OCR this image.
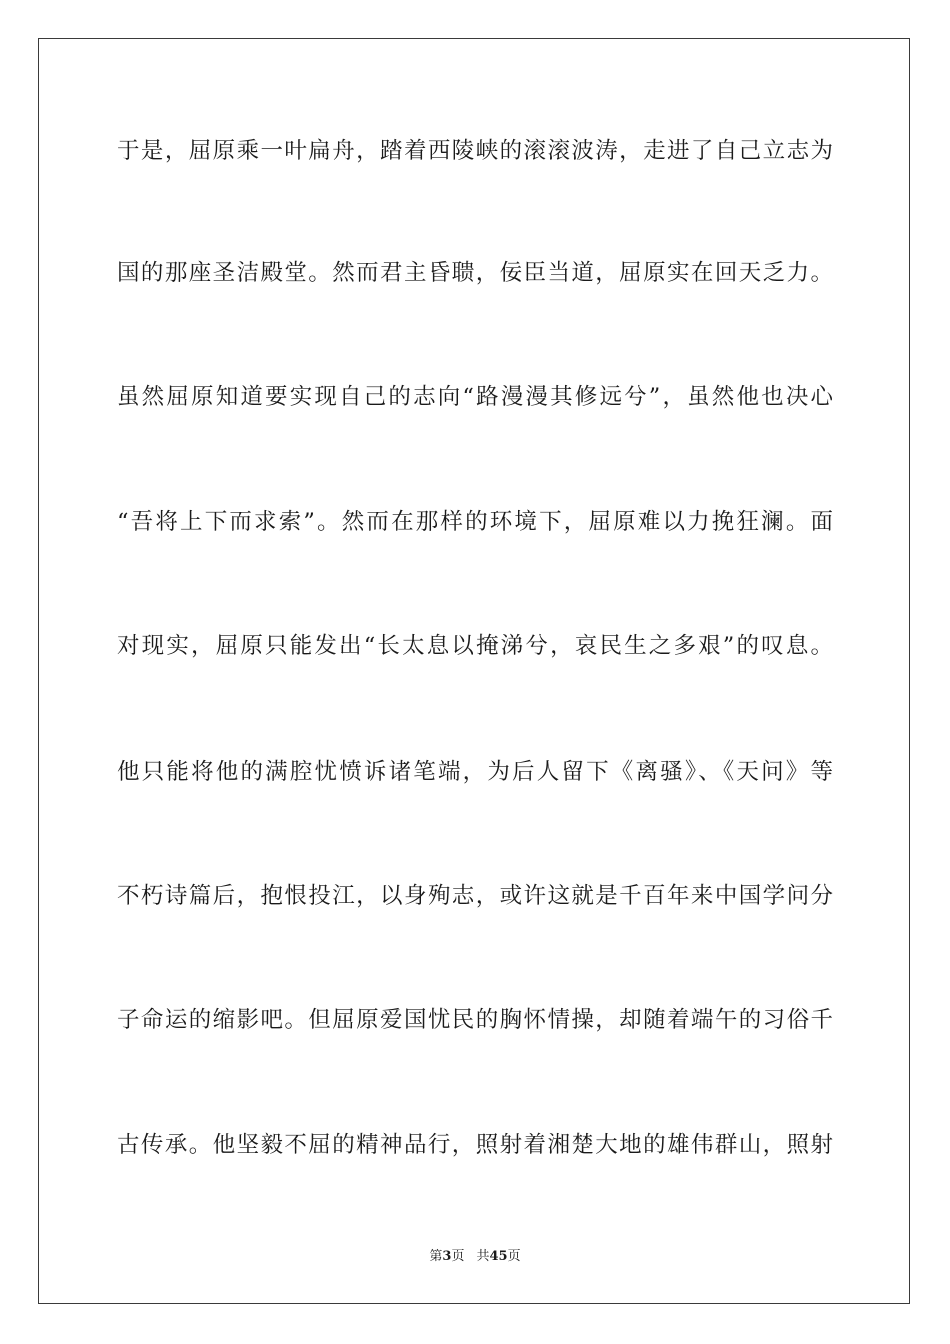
于是，屈原乘一叶扁舟，踏着西陵峡的滚滚波涛，走进了自己立志为
国的那座圣洁殿堂。然而君主昏聩，佞臣当道，屈原实在回天乏力。
虽然屈原知道要实现自己的志向“路漫漫其修远兮”，虽然他也决心
“吾将上下而求索”。然而在那样的环境下，屈原难以力挽狂澜。面
对现实，屈原只能发出“长太息以掩涕兮，哀民生之多艰”的叹息。
他只能将他的满腔忧愤诉诸笔端，为后人留下《离骚》、《天问》等
不朽诗篇后，抱恨投江，以身殉志，或许这就是千百年来中国学问分
子命运的缩影吧。但屈原爱国忧民的胸怀情操，却随着端午的习俗千
古传承。他坚毅不屈的精神品行，照射着湘楚大地的雄伟群山，照射
第3页 共45页
